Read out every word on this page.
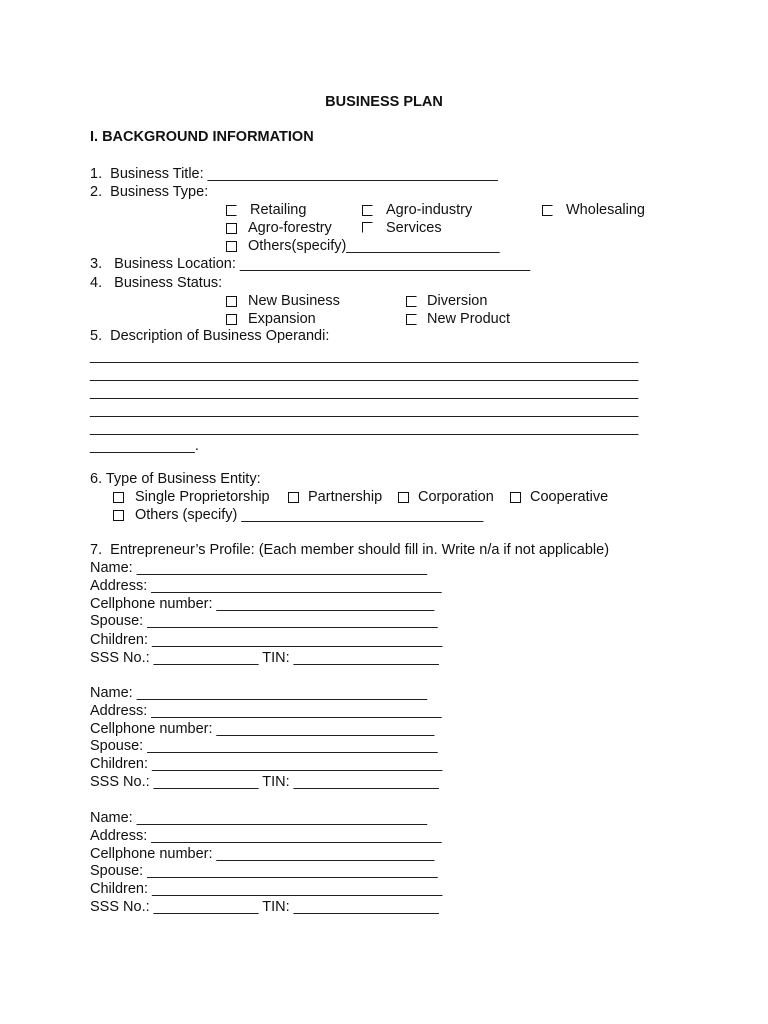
BUSINESS PLAN
I. BACKGROUND INFORMATION
1.  Business Title: ____________________________________
2.  Business Type:
Retailing	Agro-industry	Wholesaling
Agro-forestry	Services
Others(specify)___________________
3.   Business Location: ____________________________________
4.   Business Status:
New Business	Diversion
Expansion	New Product
5.  Description of Business Operandi:
____________________________________________________________________
____________________________________________________________________
____________________________________________________________________
____________________________________________________________________
____________________________________________________________________
_____________.
6. Type of Business Entity:
Single Proprietorship	Partnership Corporation Cooperative
Others (specify) ______________________________
7.  Entrepreneur’s Profile: (Each member should fill in. Write n/a if not applicable)
Name: ____________________________________
Address: ____________________________________
Cellphone number: ___________________________
Spouse: ____________________________________
Children: ____________________________________
SSS No.: _____________ TIN: __________________
Name: ____________________________________
Address: ____________________________________
Cellphone number: ___________________________
Spouse: ____________________________________
Children: ____________________________________
SSS No.: _____________ TIN: __________________
Name: ____________________________________
Address: ____________________________________
Cellphone number: ___________________________
Spouse: ____________________________________
Children: ____________________________________
SSS No.: _____________ TIN: __________________
